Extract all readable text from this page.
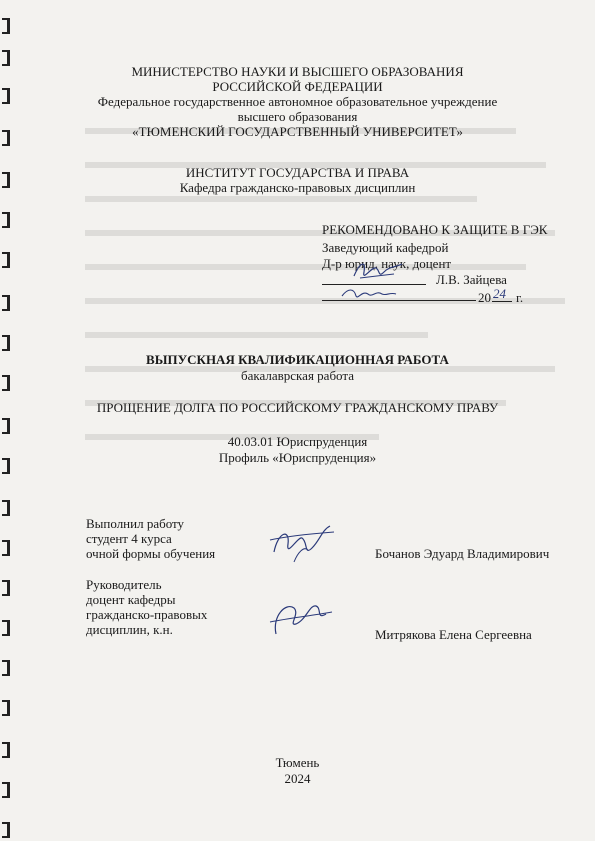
МИНИСТЕРСТВО НАУКИ И ВЫСШЕГО ОБРАЗОВАНИЯ
РОССИЙСКОЙ ФЕДЕРАЦИИ
Федеральное государственное автономное образовательное учреждение
высшего образования
«ТЮМЕНСКИЙ ГОСУДАРСТВЕННЫЙ УНИВЕРСИТЕТ»
ИНСТИТУТ ГОСУДАРСТВА И ПРАВА
Кафедра гражданско-правовых дисциплин
РЕКОМЕНДОВАНО К ЗАЩИТЕ В ГЭК
Заведующий кафедрой
Д-р юрид. наук, доцент
Л.В. Зайцева
20 24 г.
ВЫПУСКНАЯ КВАЛИФИКАЦИОННАЯ РАБОТА
бакалаврская работа
ПРОЩЕНИЕ ДОЛГА ПО РОССИЙСКОМУ ГРАЖДАНСКОМУ ПРАВУ
40.03.01 Юриспруденция
Профиль «Юриспруденция»
Выполнил работу
студент 4 курса
очной формы обучения	Бочанов Эдуард Владимирович
Руководитель
доцент кафедры
гражданско-правовых
дисциплин, к.н.	Митрякова Елена Сергеевна
Тюмень
2024
